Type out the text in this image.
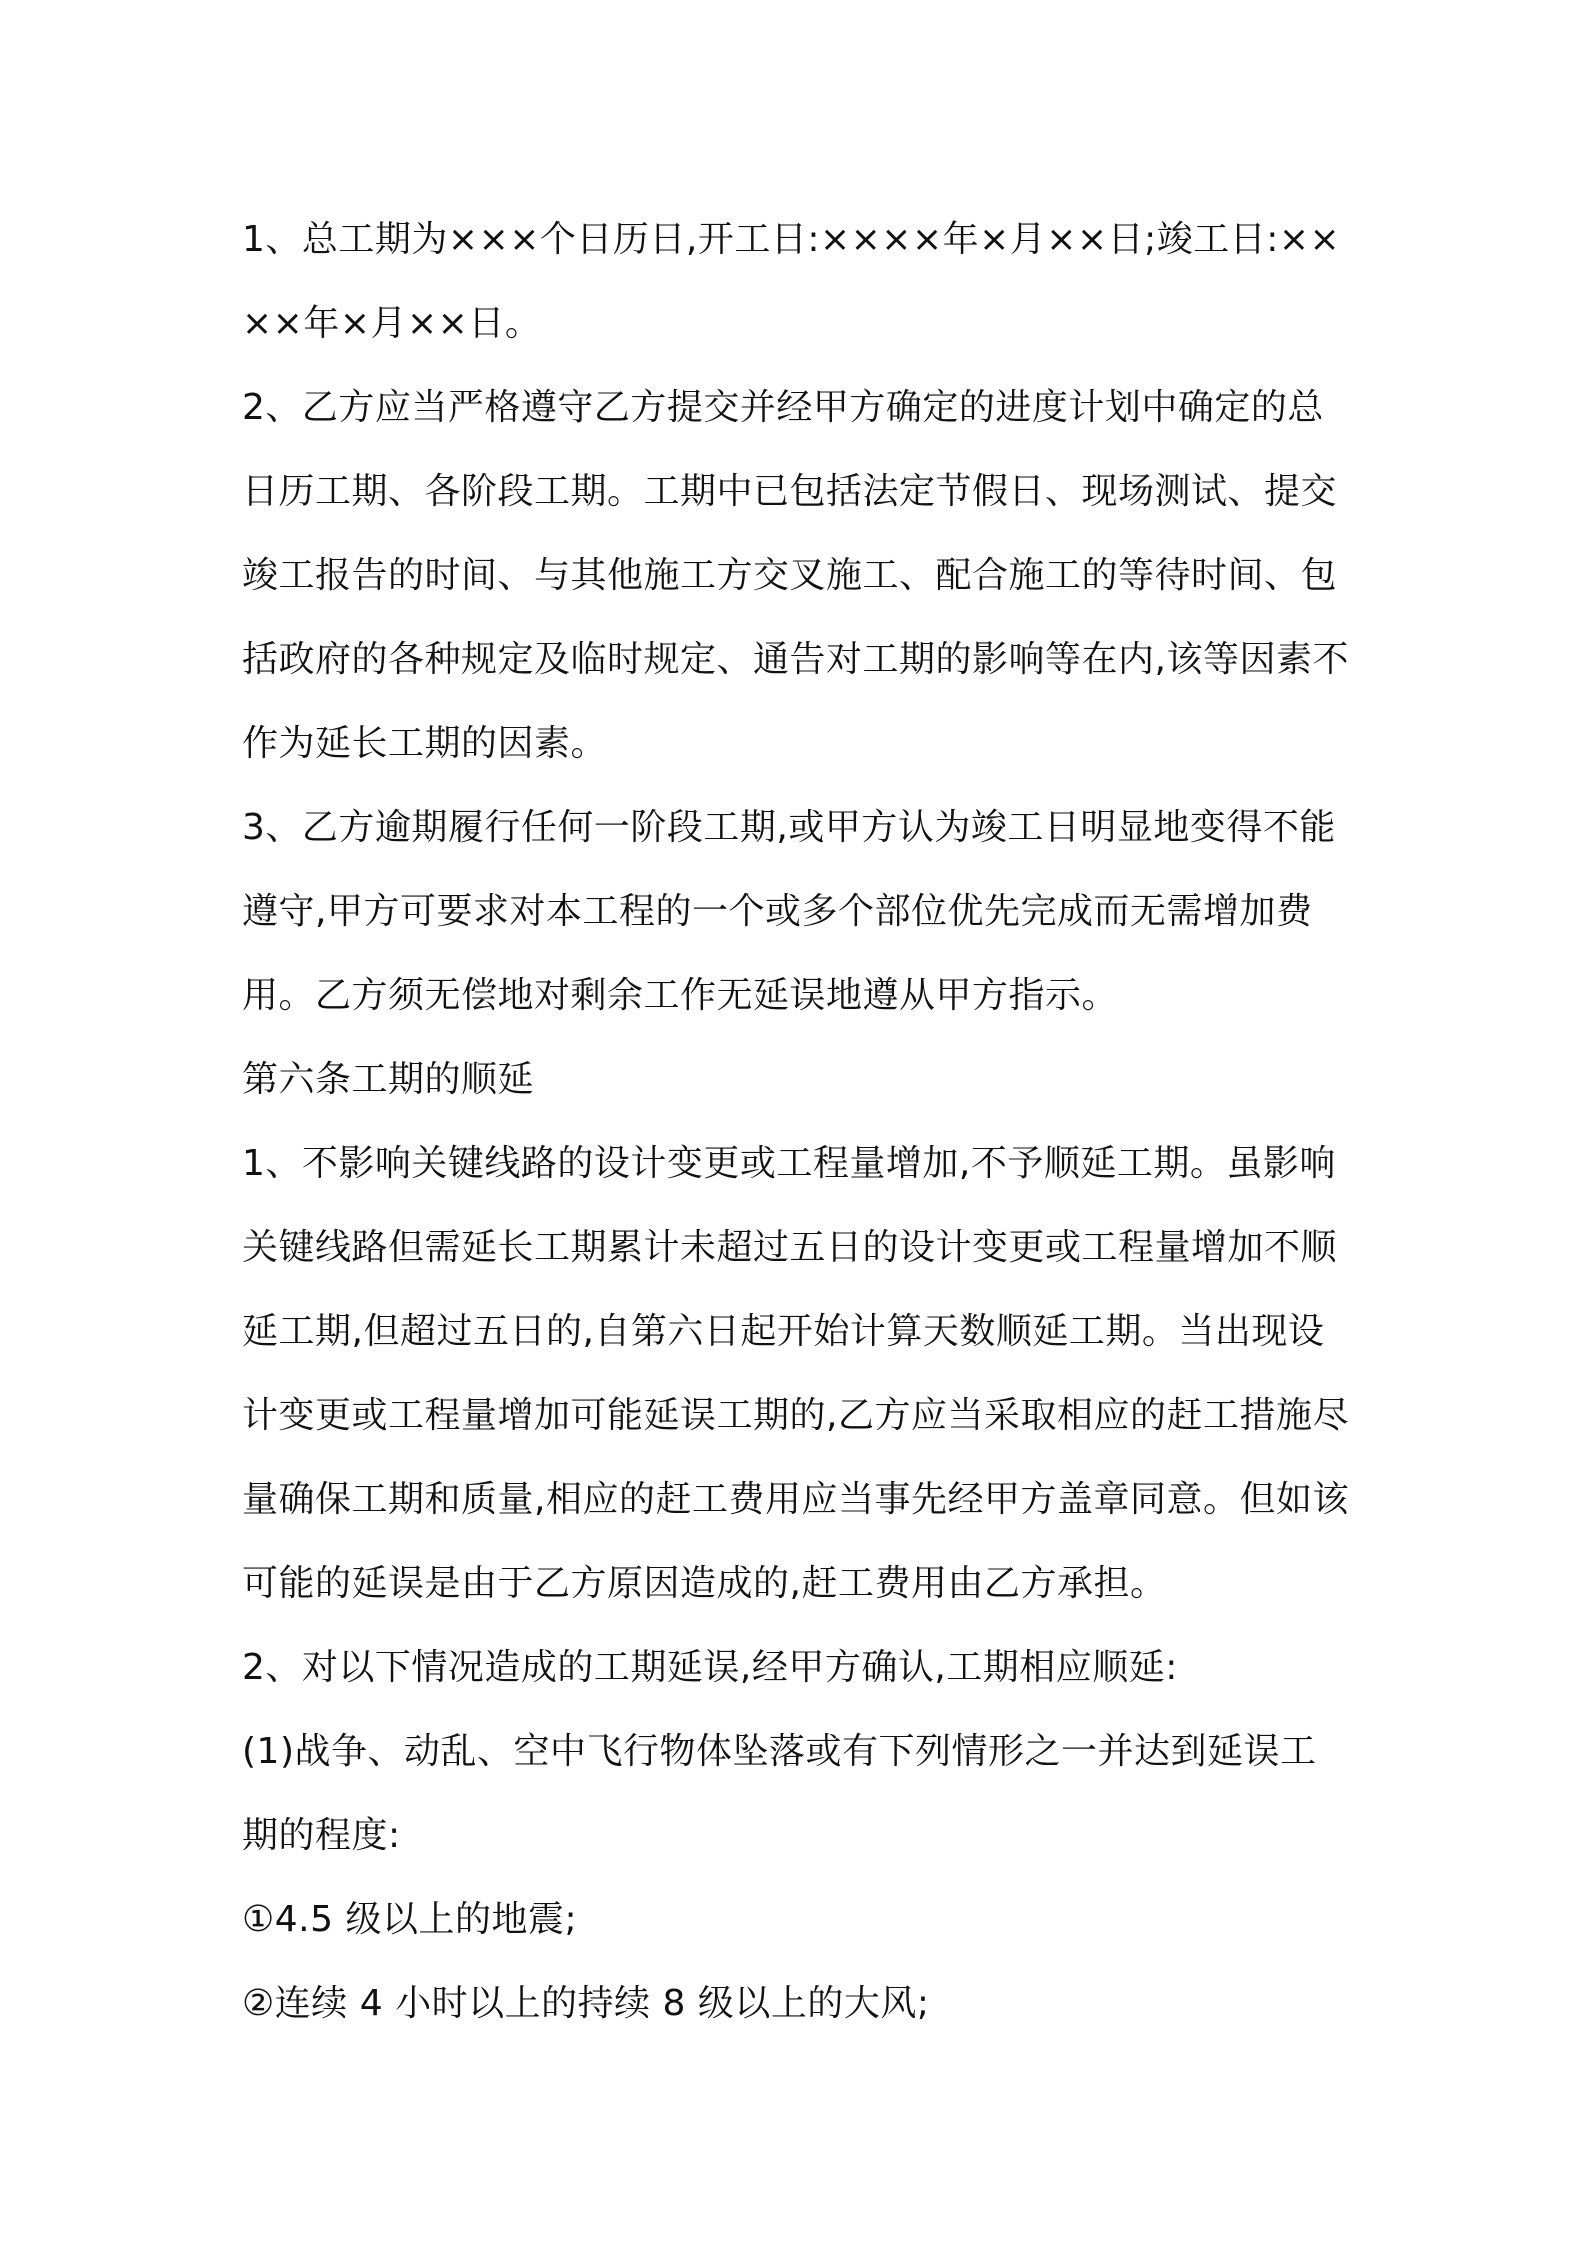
1、总工期为×××个日历日,开工日:××××年×月××日;竣工日:××××年×月××日。

2、乙方应当严格遵守乙方提交并经甲方确定的进度计划中确定的总日历工期、各阶段工期。工期中已包括法定节假日、现场测试、提交竣工报告的时间、与其他施工方交叉施工、配合施工的等待时间、包括政府的各种规定及临时规定、通告对工期的影响等在内,该等因素不作为延长工期的因素。

3、乙方逾期履行任何一阶段工期,或甲方认为竣工日明显地变得不能遵守,甲方可要求对本工程的一个或多个部位优先完成而无需增加费用。乙方须无偿地对剩余工作无延误地遵从甲方指示。

第六条工期的顺延

1、不影响关键线路的设计变更或工程量增加,不予顺延工期。虽影响关键线路但需延长工期累计未超过五日的设计变更或工程量增加不顺延工期,但超过五日的,自第六日起开始计算天数顺延工期。当出现设计变更或工程量增加可能延误工期的,乙方应当采取相应的赶工措施尽量确保工期和质量,相应的赶工费用应当事先经甲方盖章同意。但如该可能的延误是由于乙方原因造成的,赶工费用由乙方承担。

2、对以下情况造成的工期延误,经甲方确认,工期相应顺延:

(1)战争、动乱、空中飞行物体坠落或有下列情形之一并达到延误工期的程度:

①4.5 级以上的地震;

②连续 4 小时以上的持续 8 级以上的大风;
